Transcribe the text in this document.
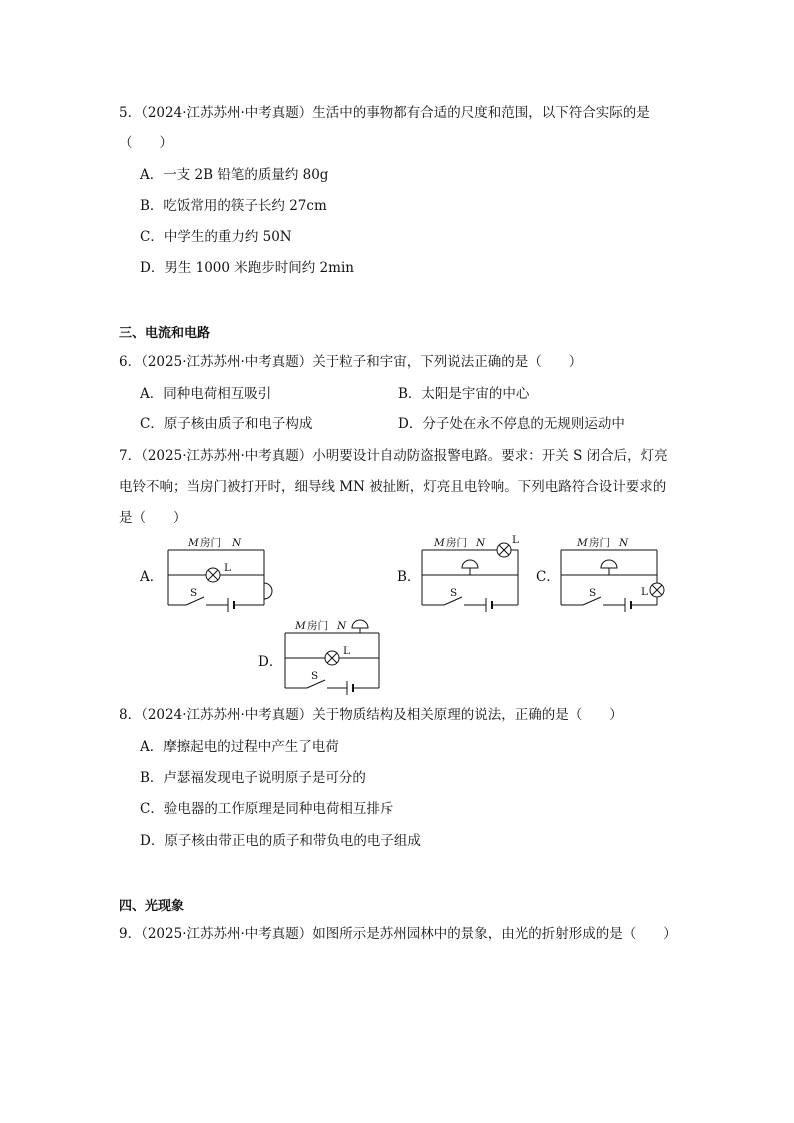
5．（2024·江苏苏州·中考真题）生活中的事物都有合适的尺度和范围，以下符合实际的是
（　　）
A．一支 2B 铅笔的质量约 80g
B．吃饭常用的筷子长约 27cm
C．中学生的重力约 50N
D．男生 1000 米跑步时间约 2min
三、电流和电路
6．（2025·江苏苏州·中考真题）关于粒子和宇宙，下列说法正确的是（　　）
A．同种电荷相互吸引	B．太阳是宇宙的中心
C．原子核由质子和电子构成	D．分子处在永不停息的无规则运动中
7．（2025·江苏苏州·中考真题）小明要设计自动防盗报警电路。要求：开关 S 闭合后，灯亮
电铃不响；当房门被打开时，细导线 MN 被扯断，灯亮且电铃响。下列电路符合设计要求的
是（　　）
A．
M 房门 N
L
S
B．
M 房门 N	L
S
C．
M 房门 N
L
S
D．
M 房门 N
L
S
8．（2024·江苏苏州·中考真题）关于物质结构及相关原理的说法，正确的是（　　）
A．摩擦起电的过程中产生了电荷
B．卢瑟福发现电子说明原子是可分的
C．验电器的工作原理是同种电荷相互排斥
D．原子核由带正电的质子和带负电的电子组成
四、光现象
9．（2025·江苏苏州·中考真题）如图所示是苏州园林中的景象，由光的折射形成的是（　　）
